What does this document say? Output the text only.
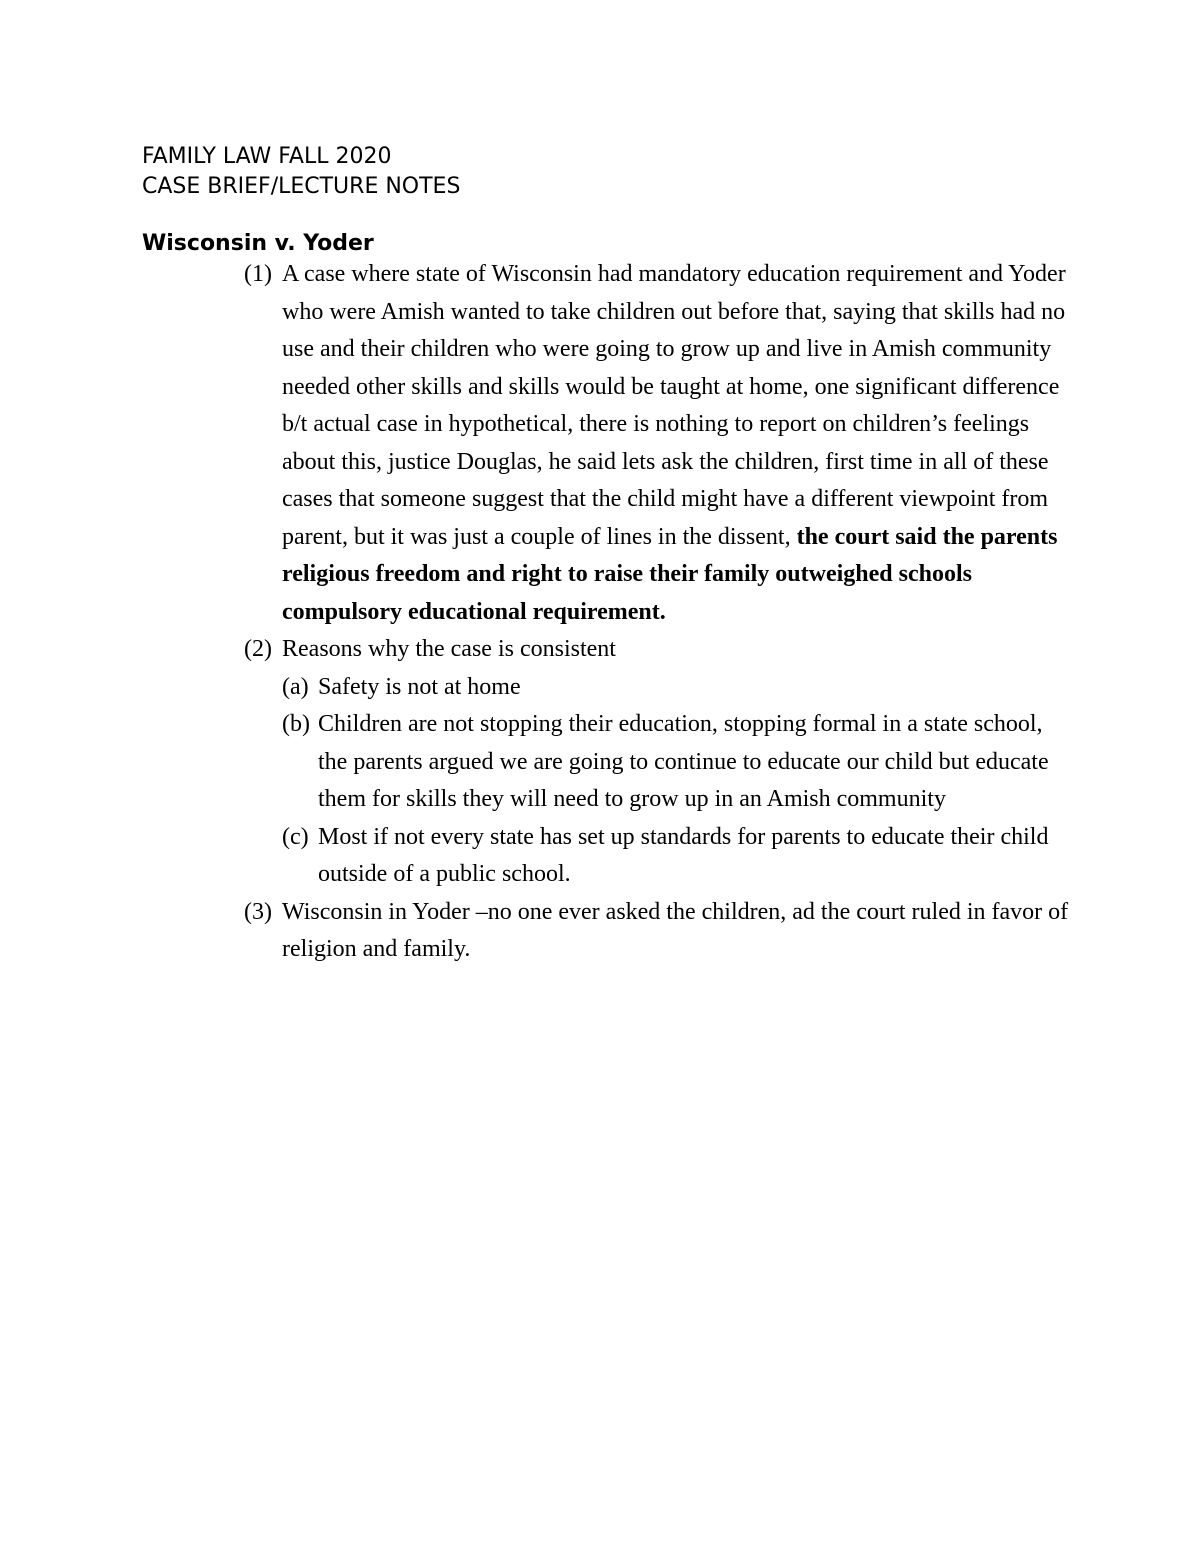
FAMILY LAW FALL 2020
CASE BRIEF/LECTURE NOTES
Wisconsin v. Yoder
(1) A case where state of Wisconsin had mandatory education requirement and Yoder who were Amish wanted to take children out before that, saying that skills had no use and their children who were going to grow up and live in Amish community needed other skills and skills would be taught at home, one significant difference b/t actual case in hypothetical, there is nothing to report on children’s feelings about this, justice Douglas, he said lets ask the children, first time in all of these cases that someone suggest that the child might have a different viewpoint from parent, but it was just a couple of lines in the dissent, the court said the parents religious freedom and right to raise their family outweighed schools compulsory educational requirement.
(2) Reasons why the case is consistent
(a) Safety is not at home
(b) Children are not stopping their education, stopping formal in a state school, the parents argued we are going to continue to educate our child but educate them for skills they will need to grow up in an Amish community
(c) Most if not every state has set up standards for parents to educate their child outside of a public school.
(3) Wisconsin in Yoder –no one ever asked the children, ad the court ruled in favor of religion and family.
